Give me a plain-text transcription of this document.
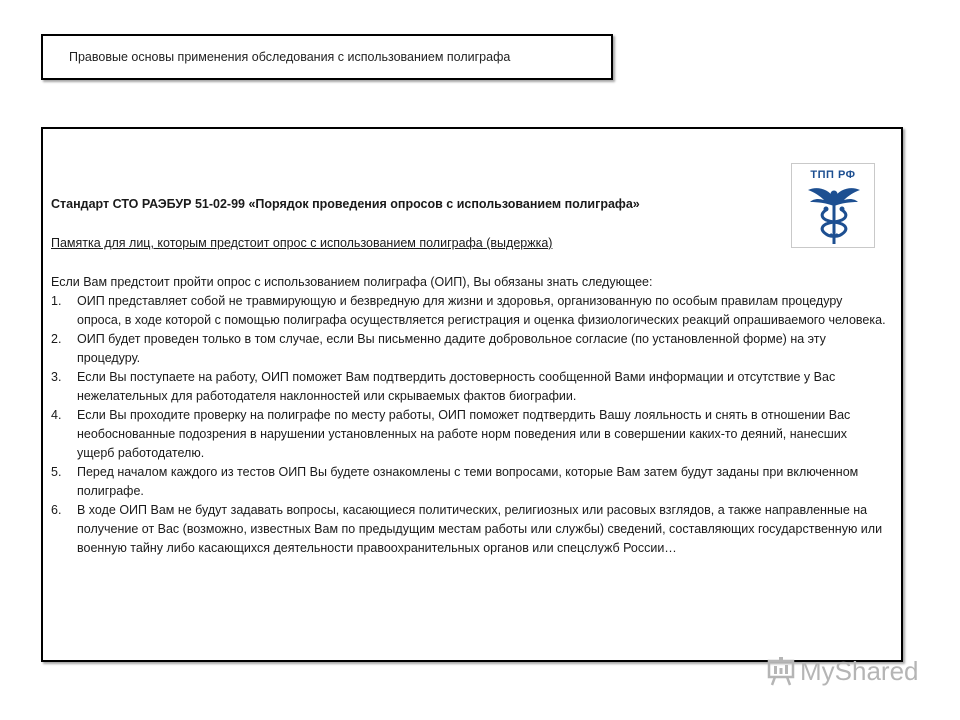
Правовые основы применения обследования с использованием полиграфа
ТПП РФ

Стандарт СТО РАЭБУР 51-02-99 «Порядок проведения опросов с использованием полиграфа»

Памятка для лиц, которым предстоит опрос с использованием полиграфа (выдержка)

Если Вам предстоит пройти опрос с использованием полиграфа (ОИП), Вы обязаны знать следующее:

1.	ОИП представляет собой не травмирующую и безвредную для жизни и здоровья, организованную по особым правилам процедуру опроса, в ходе которой с помощью полиграфа осуществляется регистрация и оценка физиологических реакций опрашиваемого человека.
2.	ОИП будет проведен только в том случае, если Вы письменно дадите добровольное согласие (по установленной форме) на эту процедуру.
3.	Если Вы поступаете на работу, ОИП поможет Вам подтвердить достоверность сообщенной Вами информации и отсутствие у Вас нежелательных для работодателя наклонностей или скрываемых фактов биографии.
4.	Если Вы проходите проверку на полиграфе по месту работы, ОИП поможет подтвердить Вашу лояльность и снять в отношении Вас необоснованные подозрения в нарушении установленных на работе норм поведения или в совершении каких-то деяний, нанесших ущерб работодателю.
5.	Перед началом каждого из тестов ОИП Вы будете ознакомлены с теми вопросами, которые Вам затем будут заданы при включенном полиграфе.
6.	В ходе ОИП Вам не будут задавать вопросы, касающиеся политических, религиозных или расовых взглядов, а также направленные на получение от Вас (возможно, известных Вам по предыдущим местам работы или службы) сведений, составляющих государственную или военную тайну либо касающихся деятельности правоохранительных органов или спецслужб России…
MyShared
